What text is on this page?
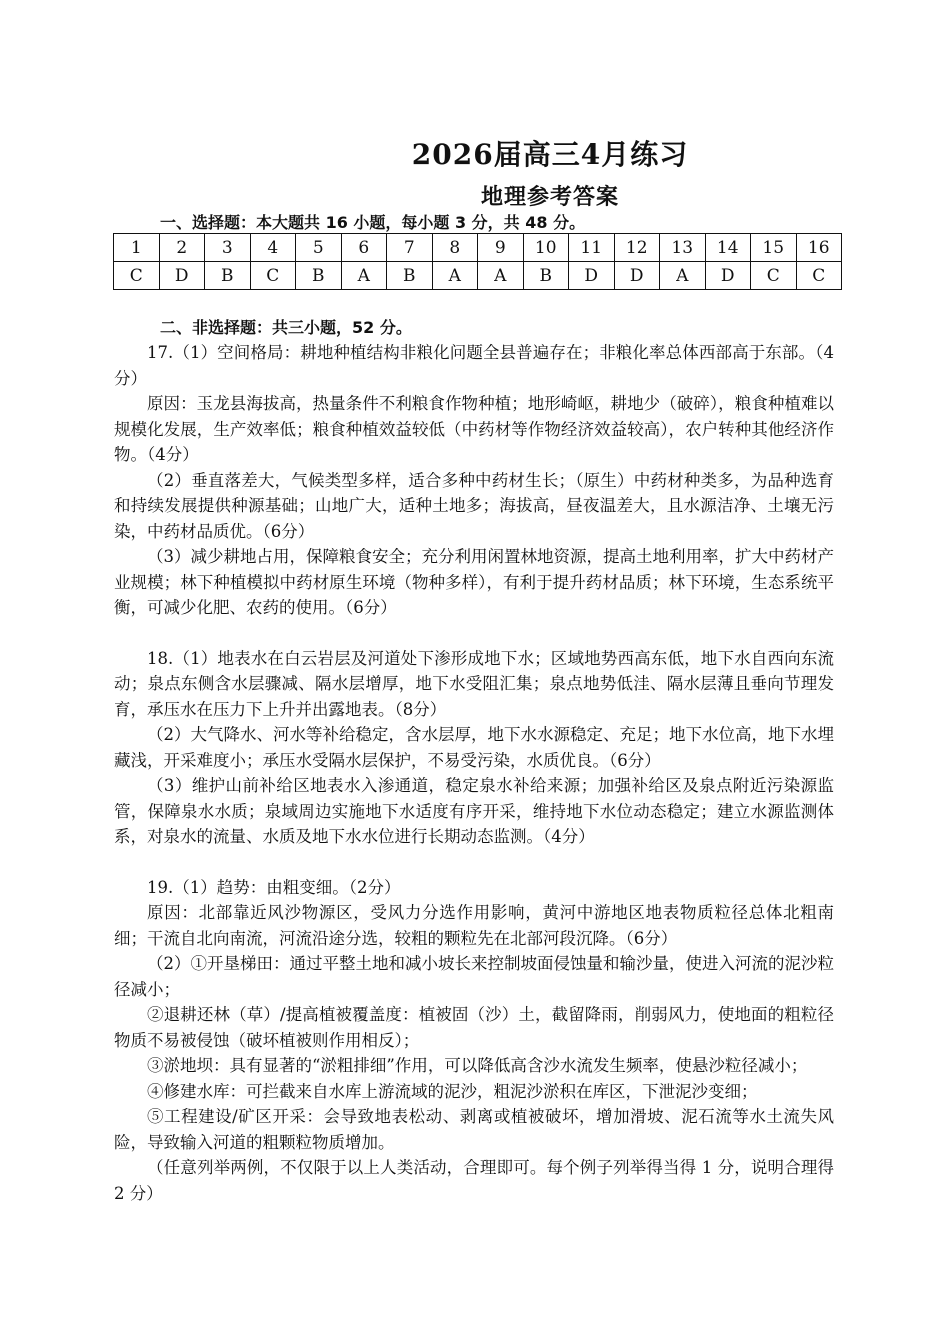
2026届高三4月练习
地理参考答案

一、选择题：本大题共 16 小题，每小题 3 分，共 48 分。

1	2	3	4	5	6	7	8	9	10	11	12	13	14	15	16
C	D	B	C	B	A	B	A	A	B	D	D	A	D	C	C

二、非选择题：共三小题，52 分。

17.（1）空间格局：耕地种植结构非粮化问题全县普遍存在；非粮化率总体西部高于东部。（4分）

原因：玉龙县海拔高，热量条件不利粮食作物种植；地形崎岖，耕地少（破碎），粮食种植难以规模化发展，生产效率低；粮食种植效益较低（中药材等作物经济效益较高），农户转种其他经济作物。（4分）

（2）垂直落差大，气候类型多样，适合多种中药材生长；（原生）中药材种类多，为品种选育和持续发展提供种源基础；山地广大，适种土地多；海拔高，昼夜温差大，且水源洁净、土壤无污染，中药材品质优。（6分）

（3）减少耕地占用，保障粮食安全；充分利用闲置林地资源，提高土地利用率，扩大中药材产业规模；林下种植模拟中药材原生环境（物种多样），有利于提升药材品质；林下环境，生态系统平衡，可减少化肥、农药的使用。（6分）

18.（1）地表水在白云岩层及河道处下渗形成地下水；区域地势西高东低，地下水自西向东流动；泉点东侧含水层骤减、隔水层增厚，地下水受阻汇集；泉点地势低洼、隔水层薄且垂向节理发育，承压水在压力下上升并出露地表。（8分）

（2）大气降水、河水等补给稳定，含水层厚，地下水水源稳定、充足；地下水位高，地下水埋藏浅，开采难度小；承压水受隔水层保护，不易受污染，水质优良。（6分）

（3）维护山前补给区地表水入渗通道，稳定泉水补给来源；加强补给区及泉点附近污染源监管，保障泉水水质；泉域周边实施地下水适度有序开采，维持地下水位动态稳定；建立水源监测体系，对泉水的流量、水质及地下水水位进行长期动态监测。（4分）

19.（1）趋势：由粗变细。（2分）

原因：北部靠近风沙物源区，受风力分选作用影响，黄河中游地区地表物质粒径总体北粗南细；干流自北向南流，河流沿途分选，较粗的颗粒先在北部河段沉降。（6分）

（2）①开垦梯田：通过平整土地和减小坡长来控制坡面侵蚀量和输沙量，使进入河流的泥沙粒径减小；

②退耕还林（草）/提高植被覆盖度：植被固（沙）土，截留降雨，削弱风力，使地面的粗粒径物质不易被侵蚀（破坏植被则作用相反）；

③淤地坝：具有显著的“淤粗排细”作用，可以降低高含沙水流发生频率，使悬沙粒径减小；

④修建水库：可拦截来自水库上游流域的泥沙，粗泥沙淤积在库区，下泄泥沙变细；

⑤工程建设/矿区开采：会导致地表松动、剥离或植被破坏，增加滑坡、泥石流等水土流失风险，导致输入河道的粗颗粒物质增加。

（任意列举两例，不仅限于以上人类活动，合理即可。每个例子列举得当得 1 分，说明合理得 2 分）
